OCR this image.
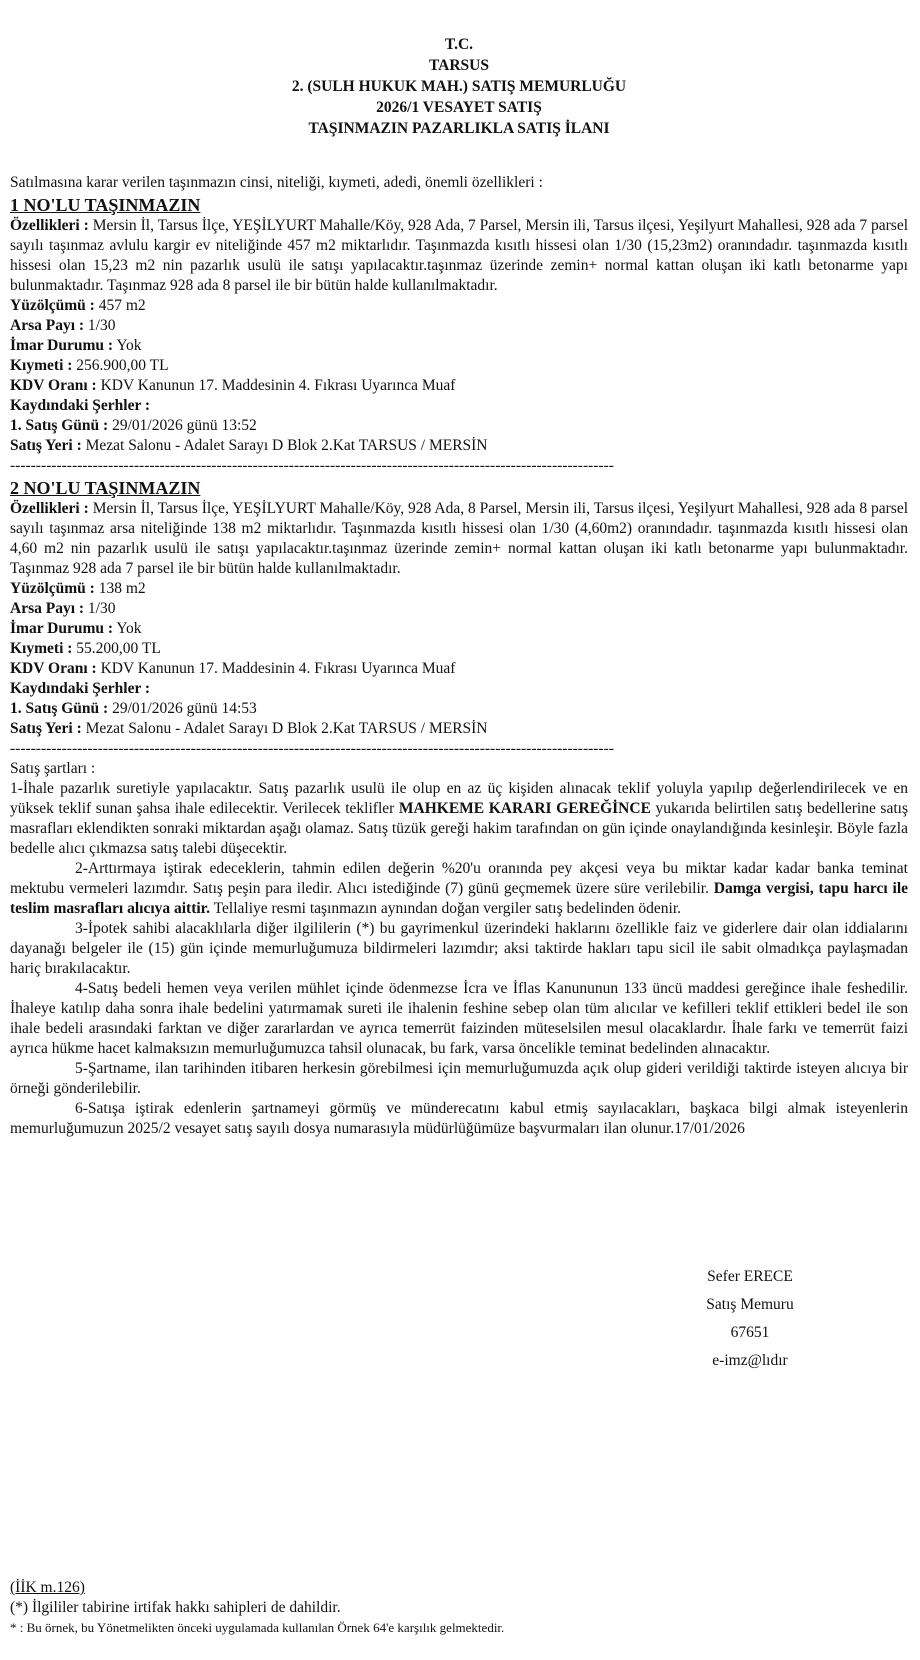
T.C.
TARSUS
2. (SULH HUKUK MAH.) SATIŞ MEMURLUĞU
2026/1 VESAYET SATIŞ
TAŞINMAZIN PAZARLIKLA SATIŞ İLANI
Satılmasına karar verilen taşınmazın cinsi, niteliği, kıymeti, adedi, önemli özellikleri :
1 NO'LU TAŞINMAZIN
Özellikleri : Mersin İl, Tarsus İlçe, YEŞİLYURT Mahalle/Köy, 928 Ada, 7 Parsel, Mersin ili, Tarsus ilçesi, Yeşilyurt Mahallesi, 928 ada 7 parsel sayılı taşınmaz avlulu kargir ev niteliğinde 457 m2 miktarlıdır. Taşınmazda kısıtlı hissesi olan 1/30 (15,23m2) oranındadır. taşınmazda kısıtlı hissesi olan 15,23 m2 nin pazarlık usulü ile satışı yapılacaktır.taşınmaz üzerinde zemin+ normal kattan oluşan iki katlı betonarme yapı bulunmaktadır. Taşınmaz 928 ada 8 parsel ile bir bütün halde kullanılmaktadır.
Yüzölçümü : 457 m2
Arsa Payı : 1/30
İmar Durumu : Yok
Kıymeti : 256.900,00 TL
KDV Oranı : KDV Kanunun 17. Maddesinin 4. Fıkrası Uyarınca Muaf
Kaydındaki Şerhler :
1. Satış Günü : 29/01/2026 günü 13:52
Satış Yeri : Mezat Salonu - Adalet Sarayı D Blok 2.Kat TARSUS / MERSİN
---------------------------------------------------------------------------------------------------------------------
2 NO'LU TAŞINMAZIN
Özellikleri : Mersin İl, Tarsus İlçe, YEŞİLYURT Mahalle/Köy, 928 Ada, 8 Parsel, Mersin ili, Tarsus ilçesi, Yeşilyurt Mahallesi, 928 ada 8 parsel sayılı taşınmaz arsa niteliğinde 138 m2 miktarlıdır. Taşınmazda kısıtlı hissesi olan 1/30 (4,60m2) oranındadır. taşınmazda kısıtlı hissesi olan 4,60 m2 nin pazarlık usulü ile satışı yapılacaktır.taşınmaz üzerinde zemin+ normal kattan oluşan iki katlı betonarme yapı bulunmaktadır. Taşınmaz 928 ada 7 parsel ile bir bütün halde kullanılmaktadır.
Yüzölçümü : 138 m2
Arsa Payı : 1/30
İmar Durumu : Yok
Kıymeti : 55.200,00 TL
KDV Oranı : KDV Kanunun 17. Maddesinin 4. Fıkrası Uyarınca Muaf
Kaydındaki Şerhler :
1. Satış Günü : 29/01/2026 günü 14:53
Satış Yeri : Mezat Salonu - Adalet Sarayı D Blok 2.Kat TARSUS / MERSİN
---------------------------------------------------------------------------------------------------------------------
Satış şartları :
1-İhale pazarlık suretiyle yapılacaktır. Satış pazarlık usulü ile olup en az üç kişiden alınacak teklif yoluyla yapılıp değerlendirilecek ve en yüksek teklif sunan şahsa ihale edilecektir. Verilecek teklifler MAHKEME KARARI GEREĞİNCE yukarıda belirtilen satış bedellerine satış masrafları eklendikten sonraki miktardan aşağı olamaz. Satış tüzük gereği hakim tarafından on gün içinde onaylandığında kesinleşir. Böyle fazla bedelle alıcı çıkmazsa satış talebi düşecektir.
2-Arttırmaya iştirak edeceklerin, tahmin edilen değerin %20'u oranında pey akçesi veya bu miktar kadar kadar banka teminat mektubu vermeleri lazımdır. Satış peşin para iledir. Alıcı istediğinde (7) günü geçmemek üzere süre verilebilir. Damga vergisi, tapu harcı ile teslim masrafları alıcıya aittir. Tellaliye resmi taşınmazın aynından doğan vergiler satış bedelinden ödenir.
3-İpotek sahibi alacaklılarla diğer ilgililerin (*) bu gayrimenkul üzerindeki haklarını özellikle faiz ve giderlere dair olan iddialarını dayanağı belgeler ile (15) gün içinde memurluğumuza bildirmeleri lazımdır; aksi taktirde hakları tapu sicil ile sabit olmadıkça paylaşmadan hariç bırakılacaktır.
4-Satış bedeli hemen veya verilen mühlet içinde ödenmezse İcra ve İflas Kanununun 133 üncü maddesi gereğince ihale feshedilir. İhaleye katılıp daha sonra ihale bedelini yatırmamak sureti ile ihalenin feshine sebep olan tüm alıcılar ve kefilleri teklif ettikleri bedel ile son ihale bedeli arasındaki farktan ve diğer zararlardan ve ayrıca temerrüt faizinden müteselsilen mesul olacaklardır. İhale farkı ve temerrüt faizi ayrıca hükme hacet kalmaksızın memurluğumuzca tahsil olunacak, bu fark, varsa öncelikle teminat bedelinden alınacaktır.
5-Şartname, ilan tarihinden itibaren herkesin görebilmesi için memurluğumuzda açık olup gideri verildiği taktirde isteyen alıcıya bir örneği gönderilebilir.
6-Satışa iştirak edenlerin şartnameyi görmüş ve münderecatını kabul etmiş sayılacakları, başkaca bilgi almak isteyenlerin memurluğumuzun 2025/2 vesayet satış sayılı dosya numarasıyla müdürlüğümüze başvurmaları ilan olunur.17/01/2026
Sefer ERECE
Satış Memuru
67651
e-imz@lıdır
(İİK m.126)
(*) İlgililer tabirine irtifak hakkı sahipleri de dahildir.
* : Bu örnek, bu Yönetmelikten önceki uygulamada kullanılan Örnek 64'e karşılık gelmektedir.
